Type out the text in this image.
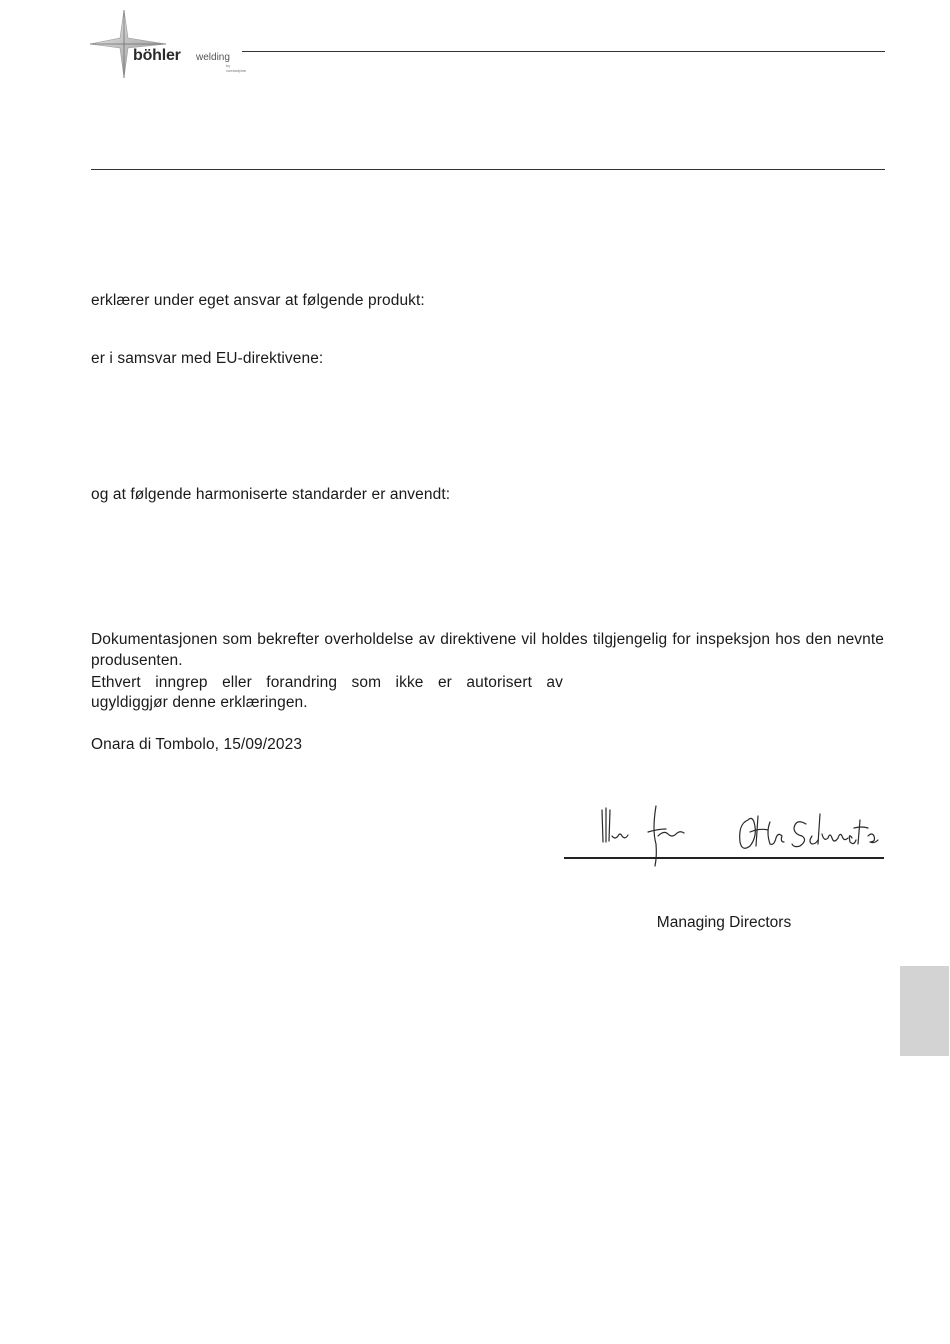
böhler welding
by voestalpine
erklærer under eget ansvar at følgende produkt:
er i samsvar med EU-direktivene:
og at følgende harmoniserte standarder er anvendt:
Dokumentasjonen som bekrefter overholdelse av direktivene vil holdes tilgjengelig for inspeksjon hos den nevnte produsenten.
Ethvert inngrep eller forandring som ikke er autorisert av
ugyldiggjør denne erklæringen.
Onara di Tombolo, 15/09/2023
Managing Directors
